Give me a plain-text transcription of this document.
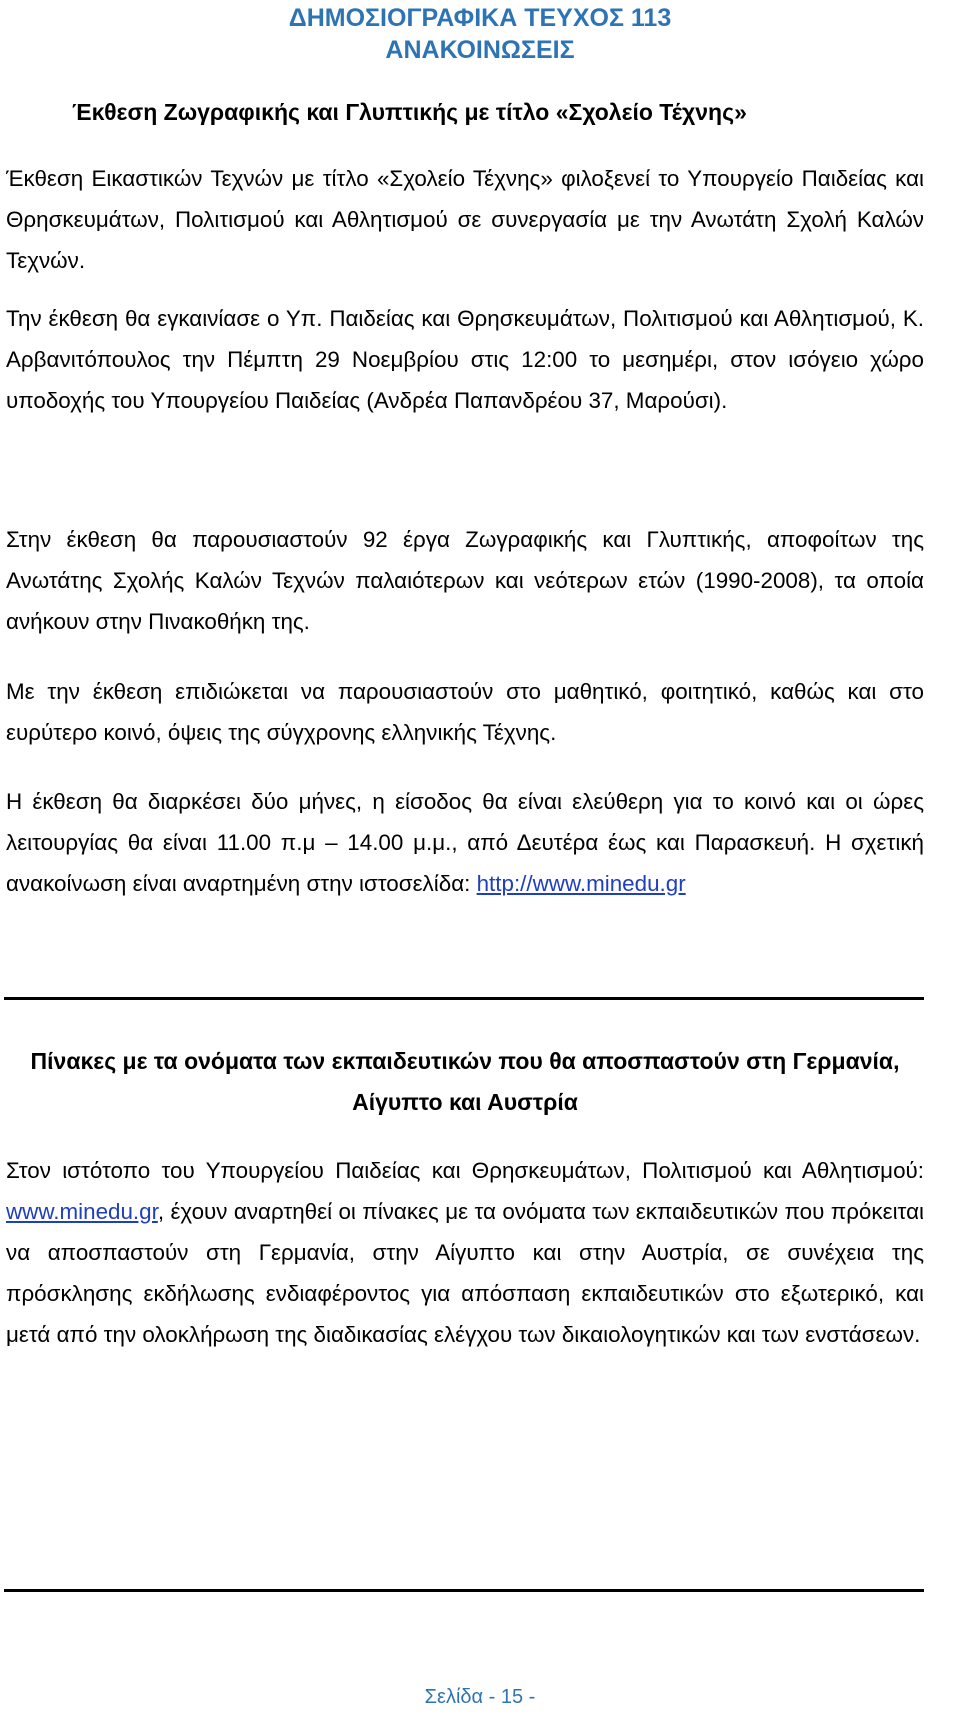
ΔΗΜΟΣΙΟΓΡΑΦΙΚΑ ΤΕΥΧΟΣ 113
ΑΝΑΚΟΙΝΩΣΕΙΣ
Έκθεση Ζωγραφικής και Γλυπτικής με τίτλο «Σχολείο Τέχνης»

Έκθεση Εικαστικών Τεχνών με τίτλο «Σχολείο Τέχνης» φιλοξενεί το Υπουργείο Παιδείας και Θρησκευμάτων, Πολιτισμού και Αθλητισμού σε συνεργασία με την Ανωτάτη Σχολή Καλών Τεχνών.

Την έκθεση θα εγκαινίασε ο Υπ. Παιδείας και Θρησκευμάτων, Πολιτισμού και Αθλητισμού, Κ. Αρβανιτόπουλος την Πέμπτη 29 Νοεμβρίου στις 12:00 το μεσημέρι, στον ισόγειο χώρο υποδοχής του Υπουργείου Παιδείας (Ανδρέα Παπανδρέου 37, Μαρούσι).

Στην έκθεση θα παρουσιαστούν 92 έργα Ζωγραφικής και Γλυπτικής, αποφοίτων της Ανωτάτης Σχολής Καλών Τεχνών παλαιότερων και νεότερων ετών (1990-2008), τα οποία ανήκουν στην Πινακοθήκη της.

Με την έκθεση επιδιώκεται να παρουσιαστούν στο μαθητικό, φοιτητικό, καθώς και στο ευρύτερο κοινό, όψεις της σύγχρονης ελληνικής Τέχνης.

Η έκθεση θα διαρκέσει δύο μήνες, η είσοδος θα είναι ελεύθερη για το κοινό και οι ώρες λειτουργίας θα είναι 11.00 π.μ – 14.00 μ.μ., από Δευτέρα έως και Παρασκευή. Η σχετική ανακοίνωση είναι αναρτημένη στην ιστοσελίδα: http://www.minedu.gr

Πίνακες με τα ονόματα των εκπαιδευτικών που θα αποσπαστούν στη Γερμανία, Αίγυπτο και Αυστρία

Στον ιστότοπο του Υπουργείου Παιδείας και Θρησκευμάτων, Πολιτισμού και Αθλητισμού: www.minedu.gr, έχουν αναρτηθεί οι πίνακες με τα ονόματα των εκπαιδευτικών που πρόκειται να αποσπαστούν στη Γερμανία, στην Αίγυπτο και στην Αυστρία, σε συνέχεια της πρόσκλησης εκδήλωσης ενδιαφέροντος για απόσπαση εκπαιδευτικών στο εξωτερικό, και μετά από την ολοκλήρωση της διαδικασίας ελέγχου των δικαιολογητικών και των ενστάσεων.

Σελίδα - 15 -
